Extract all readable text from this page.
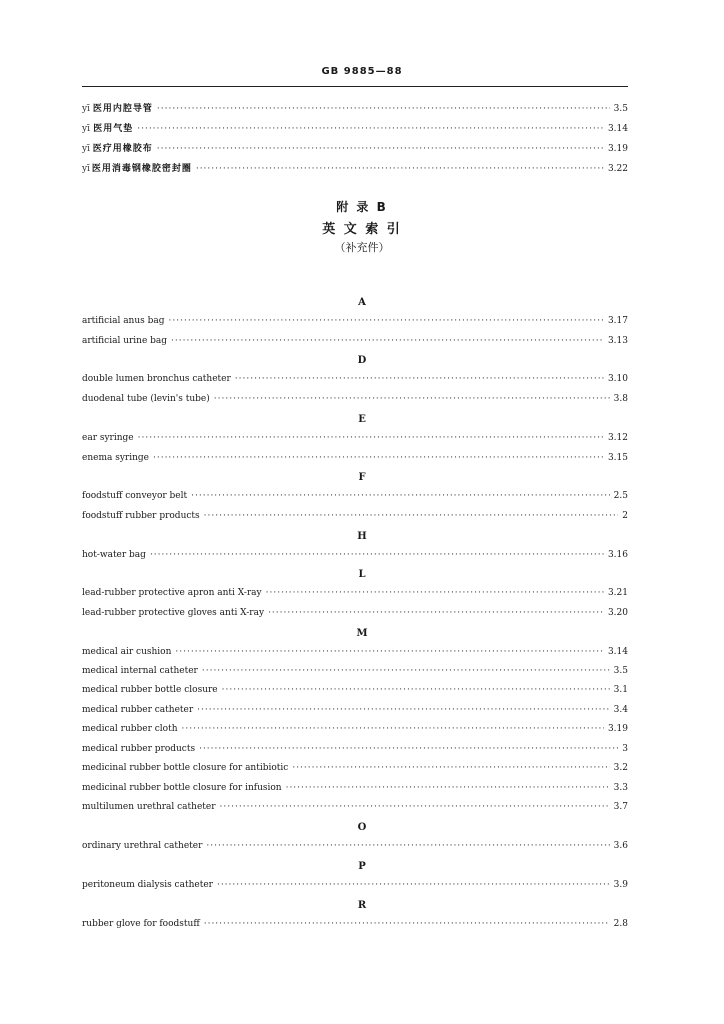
GB 9885—88
yī 医用内腔导管 ·····	3.5
yī 医用气垫 ·····	3.14
yī 医疗用橡胶布 ·····	3.19
yī 医用消毒钢橡胶密封圈 ·····	3.22
附 录 B
英 文 索 引
（补充件）
A
artificial anus bag ·····	3.17
artificial urine bag ·····	3.13
D
double lumen bronchus catheter ·····	3.10
duodenal tube (levin's tube) ·····	3.8
E
ear syringe ·····	3.12
enema syringe ·····	3.15
F
foodstuff conveyor belt ·····	2.5
foodstuff rubber products ·····	2
H
hot-water bag ·····	3.16
L
lead-rubber protective apron anti X-ray ·····	3.21
lead-rubber protective gloves anti X-ray ·····	3.20
M
medical air cushion ·····	3.14
medical internal catheter ·····	3.5
medical rubber bottle closure ·····	3.1
medical rubber catheter ·····	3.4
medical rubber cloth ·····	3.19
medical rubber products ·····	3
medicinal rubber bottle closure for antibiotic ·····	3.2
medicinal rubber bottle closure for infusion ·····	3.3
multilumen urethral catheter ·····	3.7
O
ordinary urethral catheter ·····	3.6
P
peritoneum dialysis catheter ·····	3.9
R
rubber glove for foodstuff ·····	2.8
